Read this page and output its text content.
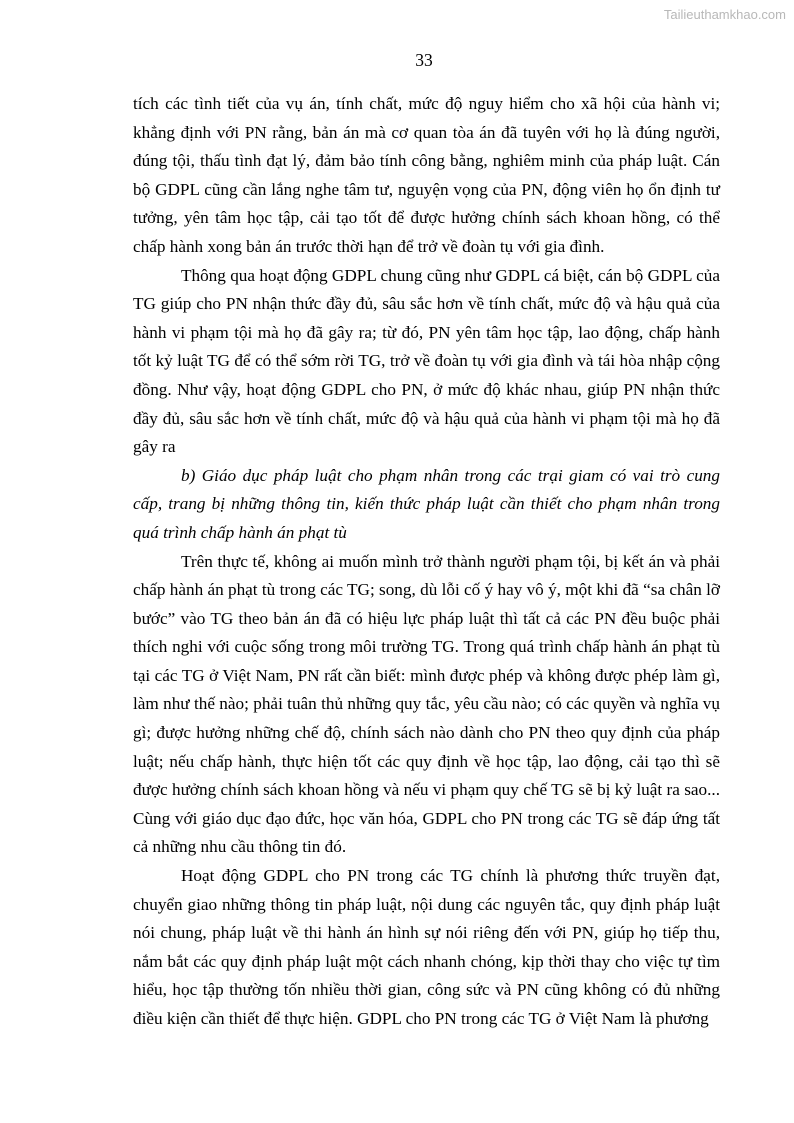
Tailieuthamkhao.com

33

tích các tình tiết của vụ án, tính chất, mức độ nguy hiểm cho xã hội của hành vi; khẳng định với PN rằng, bản án mà cơ quan tòa án đã tuyên với họ là đúng người, đúng tội, thấu tình đạt lý, đảm bảo tính công bằng, nghiêm minh của pháp luật. Cán bộ GDPL cũng cần lắng nghe tâm tư, nguyện vọng của PN, động viên họ ổn định tư tưởng, yên tâm học tập, cải tạo tốt để được hưởng chính sách khoan hồng, có thể chấp hành xong bản án trước thời hạn để trở về đoàn tụ với gia đình.

Thông qua hoạt động GDPL chung cũng như GDPL cá biệt, cán bộ GDPL của TG giúp cho PN nhận thức đầy đủ, sâu sắc hơn về tính chất, mức độ và hậu quả của hành vi phạm tội mà họ đã gây ra; từ đó, PN yên tâm học tập, lao động, chấp hành tốt kỷ luật TG để có thể sớm rời TG, trở về đoàn tụ với gia đình và tái hòa nhập cộng đồng. Như vậy, hoạt động GDPL cho PN, ở mức độ khác nhau, giúp PN nhận thức đầy đủ, sâu sắc hơn về tính chất, mức độ và hậu quả của hành vi phạm tội mà họ đã gây ra

b) Giáo dục pháp luật cho phạm nhân trong các trại giam có vai trò cung cấp, trang bị những thông tin, kiến thức pháp luật cần thiết cho phạm nhân trong quá trình chấp hành án phạt tù

Trên thực tế, không ai muốn mình trở thành người phạm tội, bị kết án và phải chấp hành án phạt tù trong các TG; song, dù lỗi cố ý hay vô ý, một khi đã “sa chân lỡ bước” vào TG theo bản án đã có hiệu lực pháp luật thì tất cả các PN đều buộc phải thích nghi với cuộc sống trong môi trường TG. Trong quá trình chấp hành án phạt tù tại các TG ở Việt Nam, PN rất cần biết: mình được phép và không được phép làm gì, làm như thế nào; phải tuân thủ những quy tắc, yêu cầu nào; có các quyền và nghĩa vụ gì; được hưởng những chế độ, chính sách nào dành cho PN theo quy định của pháp luật; nếu chấp hành, thực hiện tốt các quy định về học tập, lao động, cải tạo thì sẽ được hưởng chính sách khoan hồng và nếu vi phạm quy chế TG sẽ bị kỷ luật ra sao... Cùng với giáo dục đạo đức, học văn hóa, GDPL cho PN trong các TG sẽ đáp ứng tất cả những nhu cầu thông tin đó.

Hoạt động GDPL cho PN trong các TG chính là phương thức truyền đạt, chuyển giao những thông tin pháp luật, nội dung các nguyên tắc, quy định pháp luật nói chung, pháp luật về thi hành án hình sự nói riêng đến với PN, giúp họ tiếp thu, nắm bắt các quy định pháp luật một cách nhanh chóng, kịp thời thay cho việc tự tìm hiểu, học tập thường tốn nhiều thời gian, công sức và PN cũng không có đủ những điều kiện cần thiết để thực hiện. GDPL cho PN trong các TG ở Việt Nam là phương
